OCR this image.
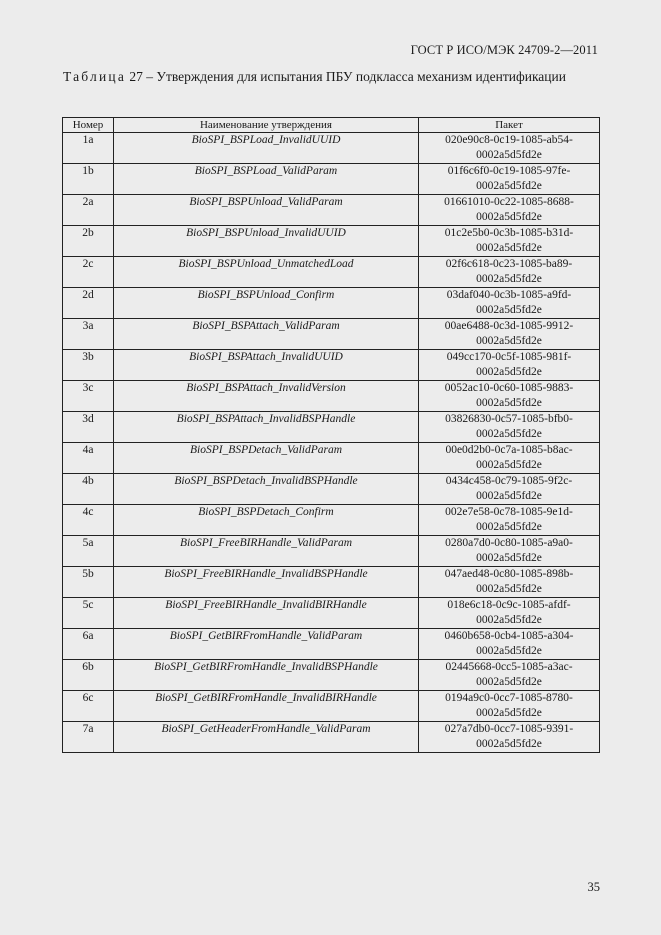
ГОСТ Р ИСО/МЭК 24709-2—2011
Таблица 27 – Утверждения для испытания ПБУ подкласса механизм идентификации
Номер	Наименование утверждения	Пакет
1a	BioSPI_BSPLoad_InvalidUUID	020e90c8-0c19-1085-ab54-
0002a5d5fd2e

1b	BioSPI_BSPLoad_ValidParam	01f6c6f0-0c19-1085-97fe-
0002a5d5fd2e

2a	BioSPI_BSPUnload_ValidParam	01661010-0c22-1085-8688-
0002a5d5fd2e

2b	BioSPI_BSPUnload_InvalidUUID	01c2e5b0-0c3b-1085-b31d-
0002a5d5fd2e

2c	BioSPI_BSPUnload_UnmatchedLoad	02f6c618-0c23-1085-ba89-
0002a5d5fd2e

2d	BioSPI_BSPUnload_Confirm	03daf040-0c3b-1085-a9fd-
0002a5d5fd2e

3a	BioSPI_BSPAttach_ValidParam	00ae6488-0c3d-1085-9912-
0002a5d5fd2e

3b	BioSPI_BSPAttach_InvalidUUID	049cc170-0c5f-1085-981f-
0002a5d5fd2e

3c	BioSPI_BSPAttach_InvalidVersion	0052ac10-0c60-1085-9883-
0002a5d5fd2e

3d	BioSPI_BSPAttach_InvalidBSPHandle	03826830-0c57-1085-bfb0-
0002a5d5fd2e

4a	BioSPI_BSPDetach_ValidParam	00e0d2b0-0c7a-1085-b8ac-
0002a5d5fd2e

4b	BioSPI_BSPDetach_InvalidBSPHandle	0434c458-0c79-1085-9f2c-
0002a5d5fd2e

4c	BioSPI_BSPDetach_Confirm	002e7e58-0c78-1085-9e1d-
0002a5d5fd2e

5a	BioSPI_FreeBIRHandle_ValidParam	0280a7d0-0c80-1085-a9a0-
0002a5d5fd2e

5b	BioSPI_FreeBIRHandle_InvalidBSPHandle	047aed48-0c80-1085-898b-
0002a5d5fd2e

5c	BioSPI_FreeBIRHandle_InvalidBIRHandle	018e6c18-0c9c-1085-afdf-
0002a5d5fd2e

6a	BioSPI_GetBIRFromHandle_ValidParam	0460b658-0cb4-1085-a304-
0002a5d5fd2e

6b	BioSPI_GetBIRFromHandle_InvalidBSPHandle	02445668-0cc5-1085-a3ac-
0002a5d5fd2e

6c	BioSPI_GetBIRFromHandle_InvalidBIRHandle	0194a9c0-0cc7-1085-8780-
0002a5d5fd2e

7a	BioSPI_GetHeaderFromHandle_ValidParam	027a7db0-0cc7-1085-9391-
0002a5d5fd2e
35
